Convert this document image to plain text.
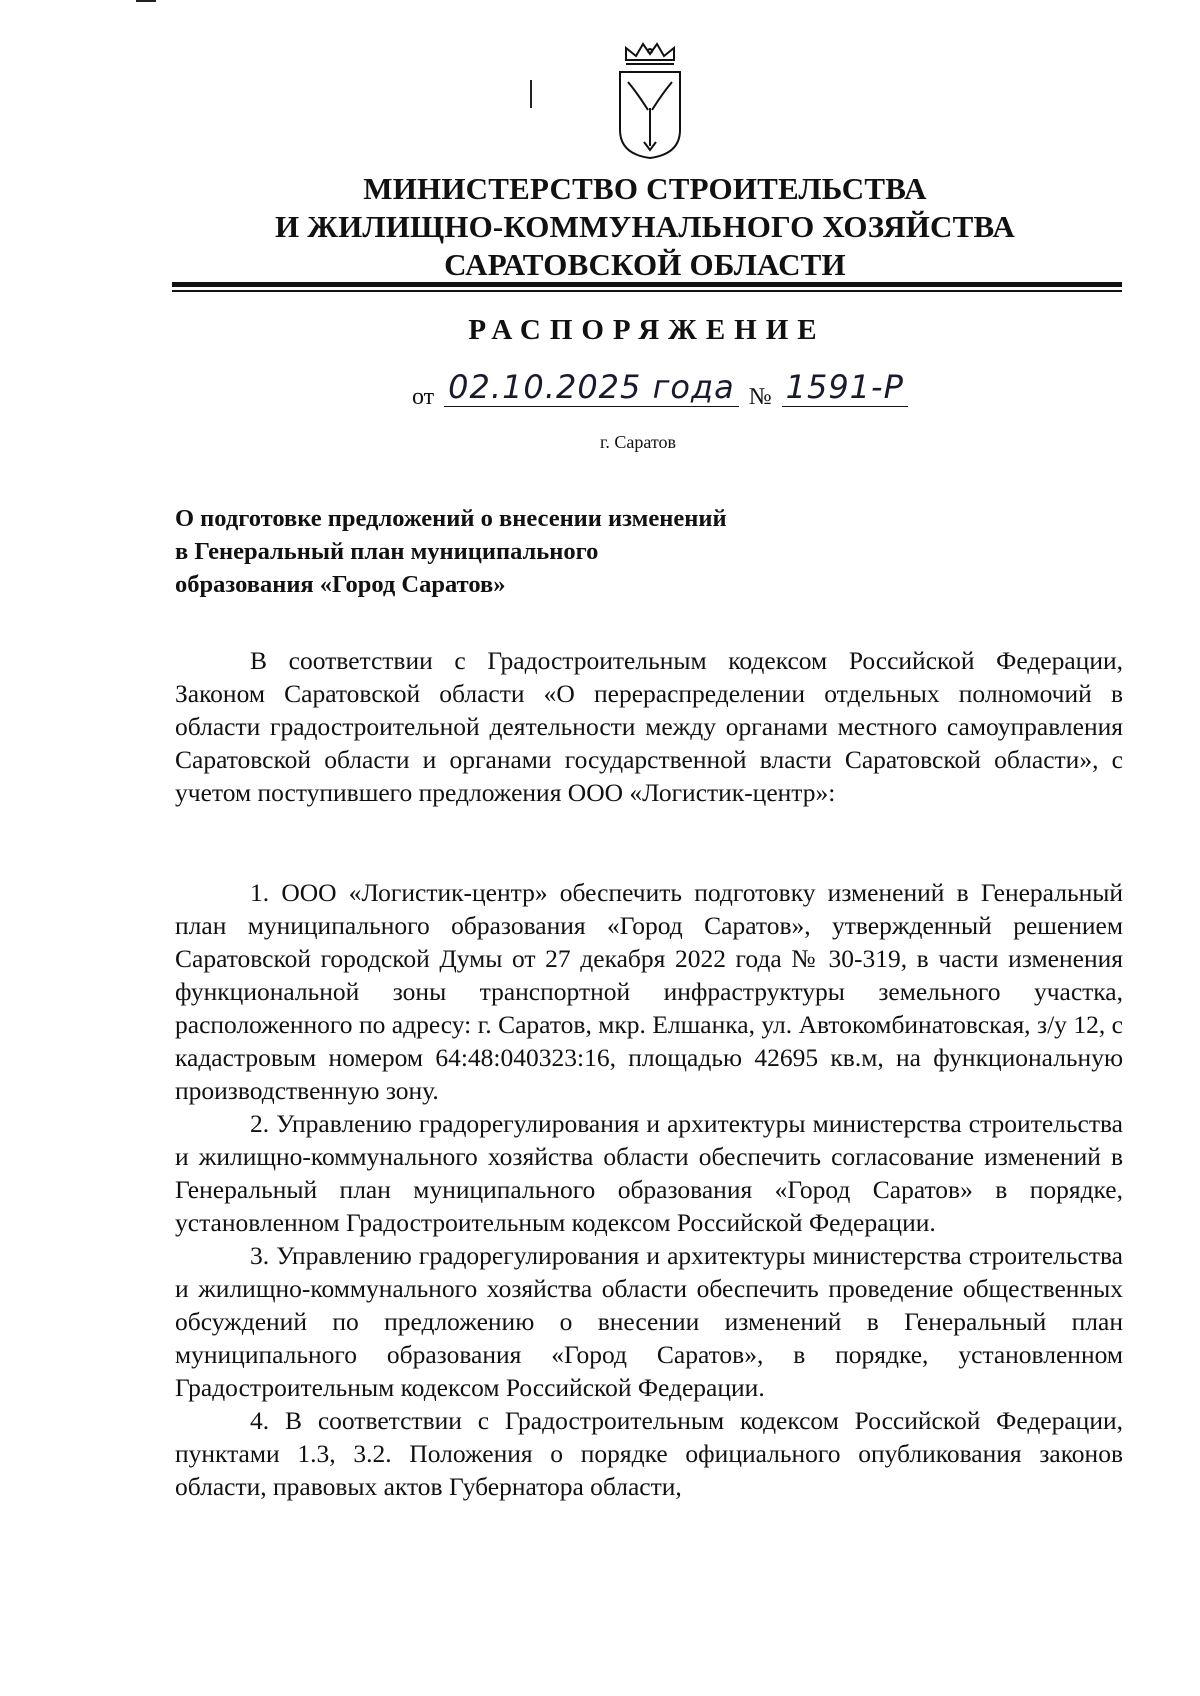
МИНИСТЕРСТВО СТРОИТЕЛЬСТВА
И ЖИЛИЩНО-КОММУНАЛЬНОГО ХОЗЯЙСТВА
САРАТОВСКОЙ ОБЛАСТИ
РАСПОРЯЖЕНИЕ
от 02.10.2025 года № 1591-Р
г. Саратов
О подготовке предложений о внесении изменений
в Генеральный план муниципального
образования «Город Саратов»

В соответствии с Градостроительным кодексом Российской Федерации, Законом Саратовской области «О перераспределении отдельных полномочий в области градостроительной деятельности между органами местного самоуправления Саратовской области и органами государственной власти Саратовской области», с учетом поступившего предложения ООО «Логистик-центр»:

1. ООО «Логистик-центр» обеспечить подготовку изменений в Генеральный план муниципального образования «Город Саратов», утвержденный решением Саратовской городской Думы от 27 декабря 2022 года № 30-319, в части изменения функциональной зоны транспортной инфраструктуры земельного участка, расположенного по адресу: г. Саратов, мкр. Елшанка, ул. Автокомбинатовская, з/у 12, с кадастровым номером 64:48:040323:16, площадью 42695 кв.м, на функциональную производственную зону.

2. Управлению градорегулирования и архитектуры министерства строительства и жилищно-коммунального хозяйства области обеспечить согласование изменений в Генеральный план муниципального образования «Город Саратов» в порядке, установленном Градостроительным кодексом Российской Федерации.

3. Управлению градорегулирования и архитектуры министерства строительства и жилищно-коммунального хозяйства области обеспечить проведение общественных обсуждений по предложению о внесении изменений в Генеральный план муниципального образования «Город Саратов», в порядке, установленном Градостроительным кодексом Российской Федерации.

4. В соответствии с Градостроительным кодексом Российской Федерации, пунктами 1.3, 3.2. Положения о порядке официального опубликования законов области, правовых актов Губернатора области,
